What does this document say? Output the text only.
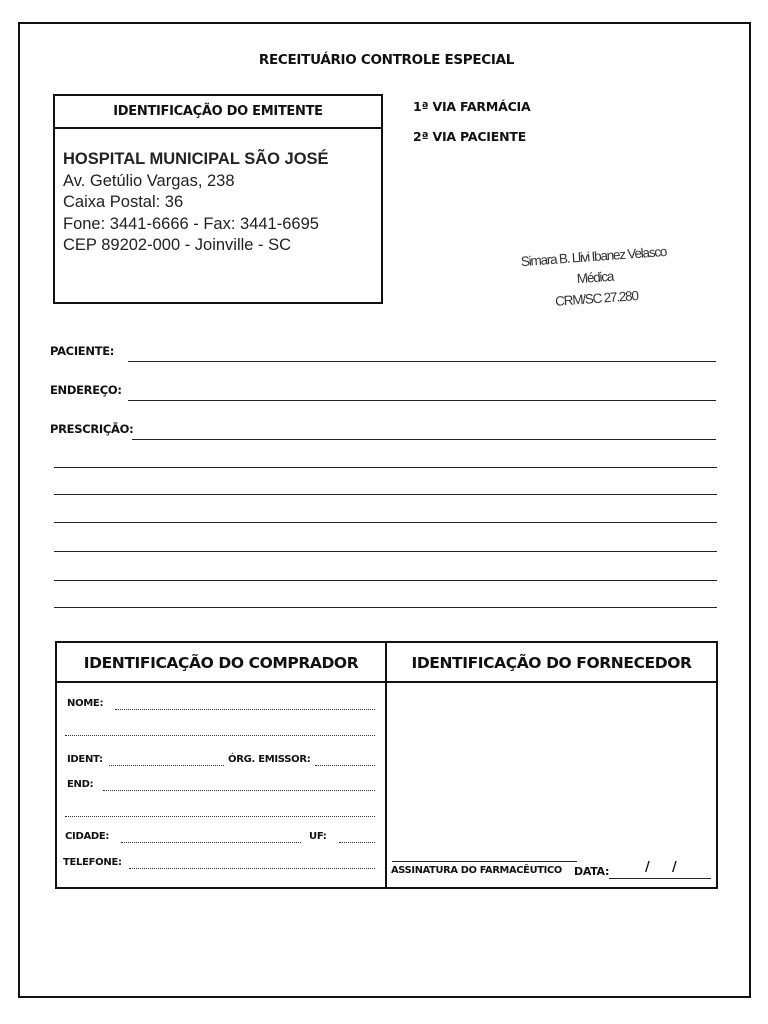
RECEITUÁRIO CONTROLE ESPECIAL
IDENTIFICAÇÃO DO EMITENTE
HOSPITAL MUNICIPAL SÃO JOSÉ
Av. Getúlio Vargas, 238
Caixa Postal: 36
Fone: 3441-6666 - Fax: 3441-6695
CEP 89202-000 - Joinville - SC
1ª VIA FARMÁCIA
2ª VIA PACIENTE
Simara B. Llivi Ibanez Velasco
Médica
CRM/SC 27.280
PACIENTE:
ENDEREÇO:
PRESCRIÇÃO:
IDENTIFICAÇÃO DO COMPRADOR
NOME:
IDENT:	ÓRG. EMISSOR:
END:
CIDADE:	UF:
TELEFONE:
IDENTIFICAÇÃO DO FORNECEDOR
ASSINATURA DO FARMACÊUTICO DATA:	/ /
